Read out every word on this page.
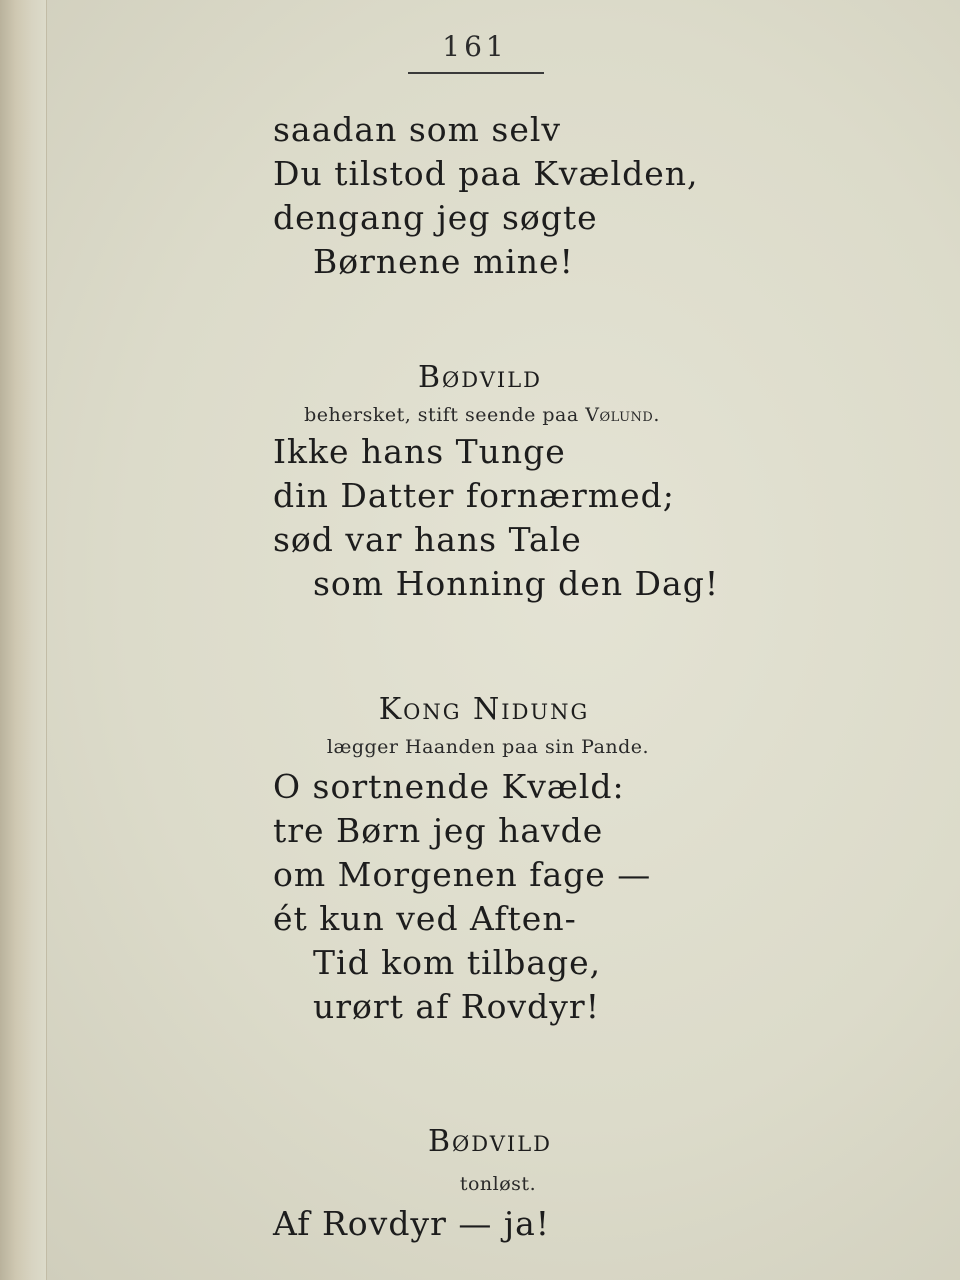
161
saadan som selv
Du tilstod paa Kvælden,
dengang jeg søgte
Børnene mine!
Bødvild
behersket, stift seende paa Vølund.
Ikke hans Tunge
din Datter fornærmed;
sød var hans Tale
som Honning den Dag!
Kong Nidung
lægger Haanden paa sin Pande.
O sortnende Kvæld:
tre Børn jeg havde
om Morgenen fage —
ét kun ved Aften-
Tid kom tilbage,
urørt af Rovdyr!
Bødvild
tonløst.
Af Rovdyr — ja!
